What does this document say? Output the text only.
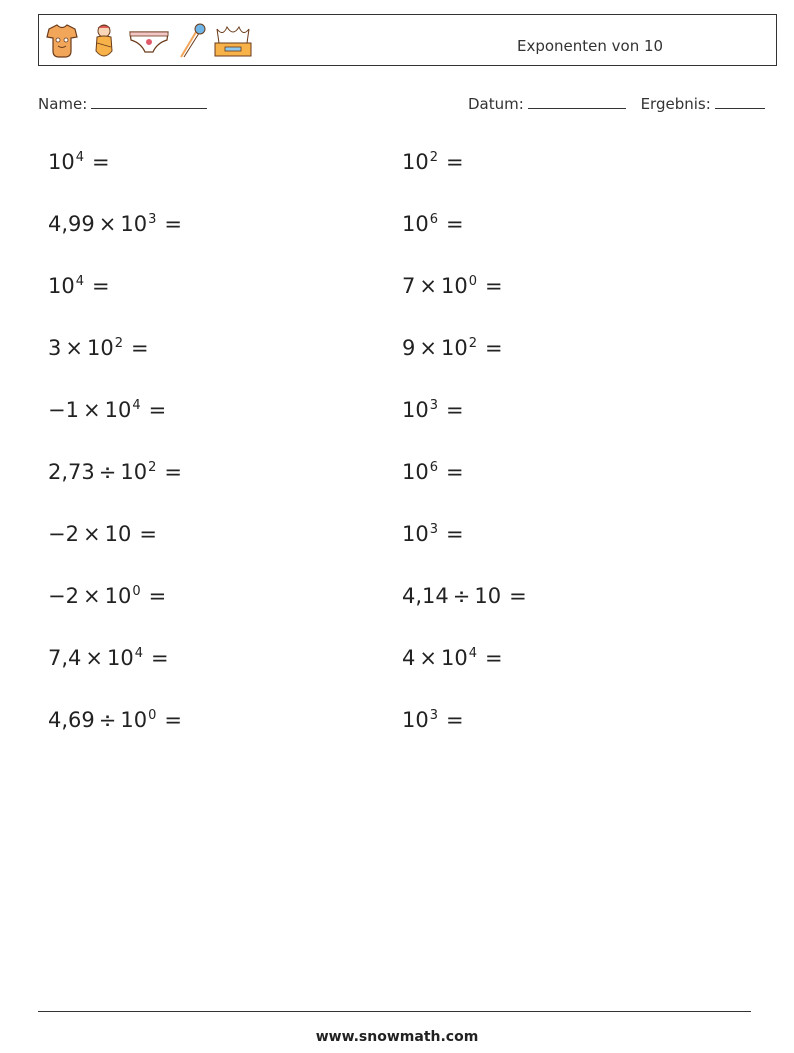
Exponenten von 10
Name:	Datum:	Ergebnis:
$10^4$ =	$10^2$ =
$4,99 \times 10^3$ =	$10^6$ =
$10^4$ =	$7 \times 10^0$ =
$3 \times 10^2$ =	$9 \times 10^2$ =
$-1 \times 10^4$ =	$10^3$ =
$2,73 \div 10^2$ =	$10^6$ =
−2 × 10 =	$10^3$ =
$-2 \times 10^0$ =	4,14 ÷ 10 =
$7,4 \times 10^4$ =	$4 \times 10^4$ =
$4,69 \div 10^0$ =	$10^3$ =
www.snowmath.com
